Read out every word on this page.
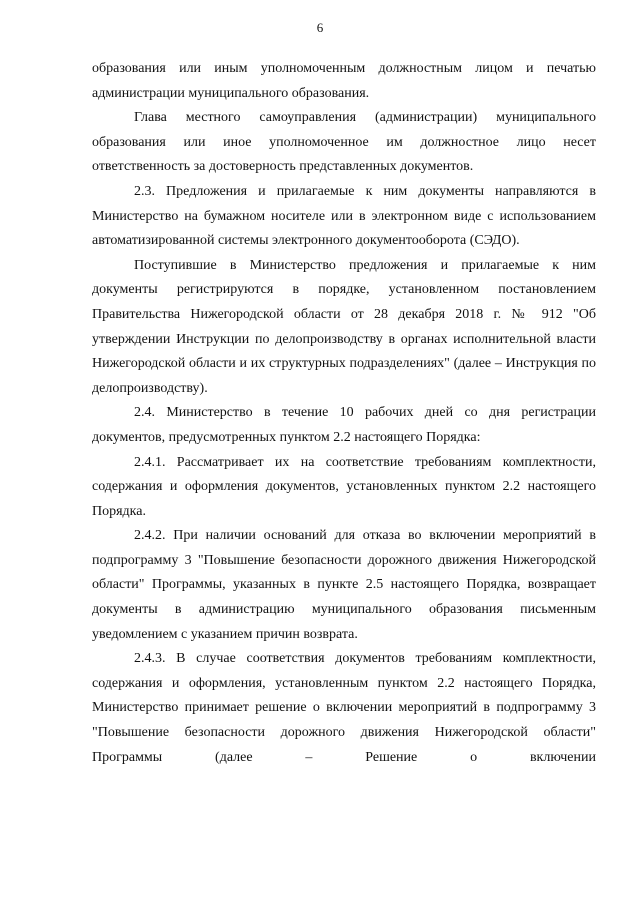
6

образования или иным уполномоченным должностным лицом и печатью администрации муниципального образования.

Глава местного самоуправления (администрации) муниципального образования или иное уполномоченное им должностное лицо несет ответственность за достоверность представленных документов.

2.3. Предложения и прилагаемые к ним документы направляются в Министерство на бумажном носителе или в электронном виде с использованием автоматизированной системы электронного документооборота (СЭДО).

Поступившие в Министерство предложения и прилагаемые к ним документы регистрируются в порядке, установленном постановлением Правительства Нижегородской области от 28 декабря 2018 г. № 912 "Об утверждении Инструкции по делопроизводству в органах исполнительной власти Нижегородской области и их структурных подразделениях" (далее – Инструкция по делопроизводству).

2.4. Министерство в течение 10 рабочих дней со дня регистрации документов, предусмотренных пунктом 2.2 настоящего Порядка:

2.4.1. Рассматривает их на соответствие требованиям комплектности, содержания и оформления документов, установленных пунктом 2.2 настоящего Порядка.

2.4.2. При наличии оснований для отказа во включении мероприятий в подпрограмму 3 "Повышение безопасности дорожного движения Нижегородской области" Программы, указанных в пункте 2.5 настоящего Порядка, возвращает документы в администрацию муниципального образования письменным уведомлением с указанием причин возврата.

2.4.3. В случае соответствия документов требованиям комплектности, содержания и оформления, установленным пунктом 2.2 настоящего Порядка, Министерство принимает решение о включении мероприятий в подпрограмму 3 "Повышение безопасности дорожного движения Нижегородской области" Программы (далее – Решение о включении
